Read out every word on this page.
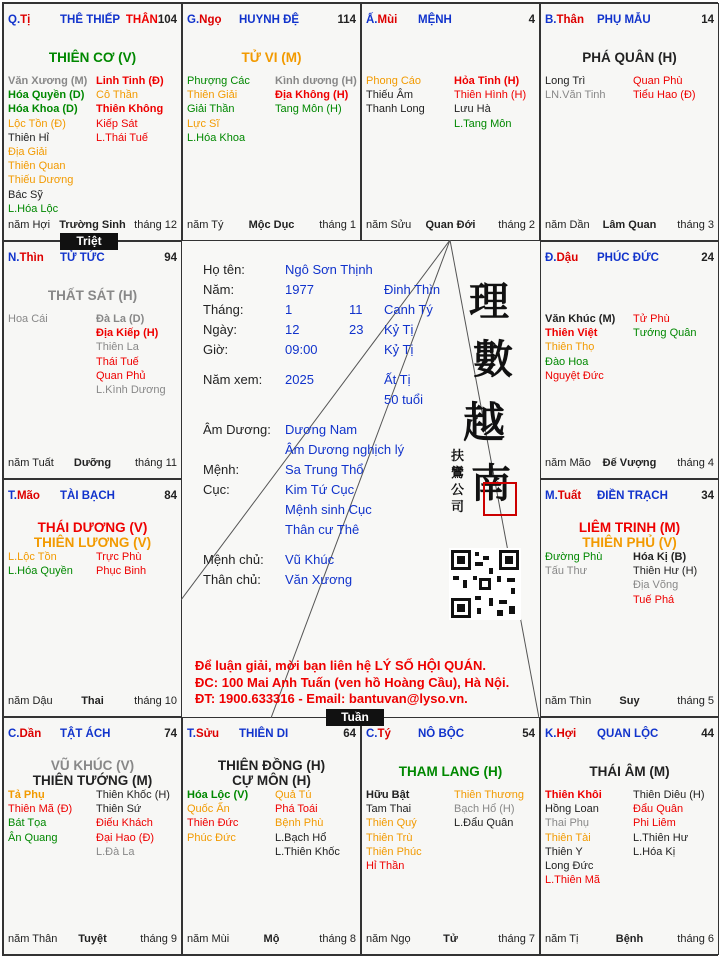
Q.Tị	THÊ THIẾP THÂN104
THIÊN CƠ (V)
Văn Xương (M)
Hóa Quyền (D)
Hóa Khoa (D)
Lộc Tồn (Đ)
Thiên Hỉ
Địa Giải
Thiên Quan
Thiếu Dương
Bác Sỹ
L.Hóa Lộc
Linh Tinh (Đ)
Cô Thần
Thiên Không
Kiếp Sát
L.Thái Tuế
năm Hợi Trường Sinh tháng 12
G.Ngọ HUYNH ĐỆ	114
TỬ VI (M)
Phượng Các
Thiên Giải
Giải Thần
Lực Sĩ
L.Hóa Khoa
Kình dương (H)
Địa Không (H)
Tang Môn (H)
năm Tý	Mộc Dục	tháng 1
Ấ.Mùi MỆNH	4
Phong Cáo
Thiếu Âm
Thanh Long
Hỏa Tinh (H)
Thiên Hình (H)
Lưu Hà
L.Tang Môn
năm Sửu	Quan Đới	tháng 2
B.Thân PHỤ MẪU	14
PHÁ QUÂN (H)
Long Trì
LN.Văn Tinh
Quan Phù
Tiểu Hao (Đ)
năm Dần	Lâm Quan	tháng 3
N.Thìn TỬ TỨC	94
THẤT SÁT (H)
Hoa Cái	Đà La (D)
Địa Kiếp (H)
Thiên La
Thái Tuế
Quan Phủ
L.Kình Dương
năm Tuất	Dưỡng	tháng 11
Đ.Dậu PHÚC ĐỨC	24
Văn Khúc (M)
Thiên Việt
Thiên Thọ
Đào Hoa
Nguyệt Đức
Tử Phù
Tướng Quân
năm Mão	Đế Vượng	tháng 4
T.Mão TÀI BẠCH	84
THÁI DƯƠNG (V)
THIÊN LƯƠNG (V)
L.Lộc Tồn
L.Hóa Quyền
Trực Phù
Phục Binh
năm Dậu	Thai	tháng 10
M.Tuất ĐIỀN TRẠCH	34
LIÊM TRINH (M)
THIÊN PHỦ (V)
Đường Phù
Tấu Thư
Hóa Kị (B)
Thiên Hư (H)
Địa Võng
Tuế Phá
năm Thìn	Suy	tháng 5
C.Dần TẬT ÁCH	74
VŨ KHÚC (V)
THIÊN TƯỚNG (M)
Tả Phụ
Thiên Mã (Đ)
Bát Tọa
Ân Quang
Thiên Khốc (H)
Thiên Sứ
Điếu Khách
Đại Hao (Đ)
L.Đà La
năm Thân	Tuyệt	tháng 9
T.Sửu THIÊN DI	64
THIÊN ĐỒNG (H)
CỰ MÔN (H)
Hóa Lộc (V)
Quốc Ấn
Thiên Đức
Phúc Đức
Quả Tú
Phá Toái
Bệnh Phù
L.Bạch Hổ
L.Thiên Khốc
năm Mùi	Mộ	tháng 8
C.Tý NÔ BỘC	54
THAM LANG (H)
Hữu Bật
Tam Thai
Thiên Quý
Thiên Trù
Thiên Phúc
Hỉ Thần
Thiên Thương
Bạch Hổ (H)
L.Đẩu Quân
năm Ngọ	Tử	tháng 7
K.Hợi QUAN LỘC	44
THÁI ÂM (M)
Thiên Khôi
Hồng Loan
Thai Phụ
Thiên Tài
Thiên Y
Long Đức
L.Thiên Mã
Thiên Diêu (H)
Đẩu Quân
Phi Liêm
L.Thiên Hư
L.Hóa Kị
năm Tị	Bệnh	tháng 6
Họ tên:	Ngô Sơn Thịnh
Năm:	1977	Đinh Thìn
Tháng:	1	11 Canh Tý
Ngày:	12	23 Kỷ Tị
Giờ:	09:00	Kỷ Tị
Năm xem: 2025	Ất Tị
50 tuổi
Âm Dương: Dương Nam
Âm Dương nghịch lý
Mệnh:	Sa Trung Thổ
Cục:	Kim Tứ Cục
Mệnh sinh Cục
Thân cư Thê
Mệnh chủ: Vũ Khúc
Thân chủ: Văn Xương
理
數
越
南
扶 鸞 公 司
Để luận giải, mời bạn liên hệ LÝ SỐ HỘI QUÁN.
ĐC: 100 Mai Anh Tuấn (ven hồ Hoàng Cầu), Hà Nội.
ĐT: 1900.633316 - Email: bantuvan@lyso.vn.
Triệt
Tuần
